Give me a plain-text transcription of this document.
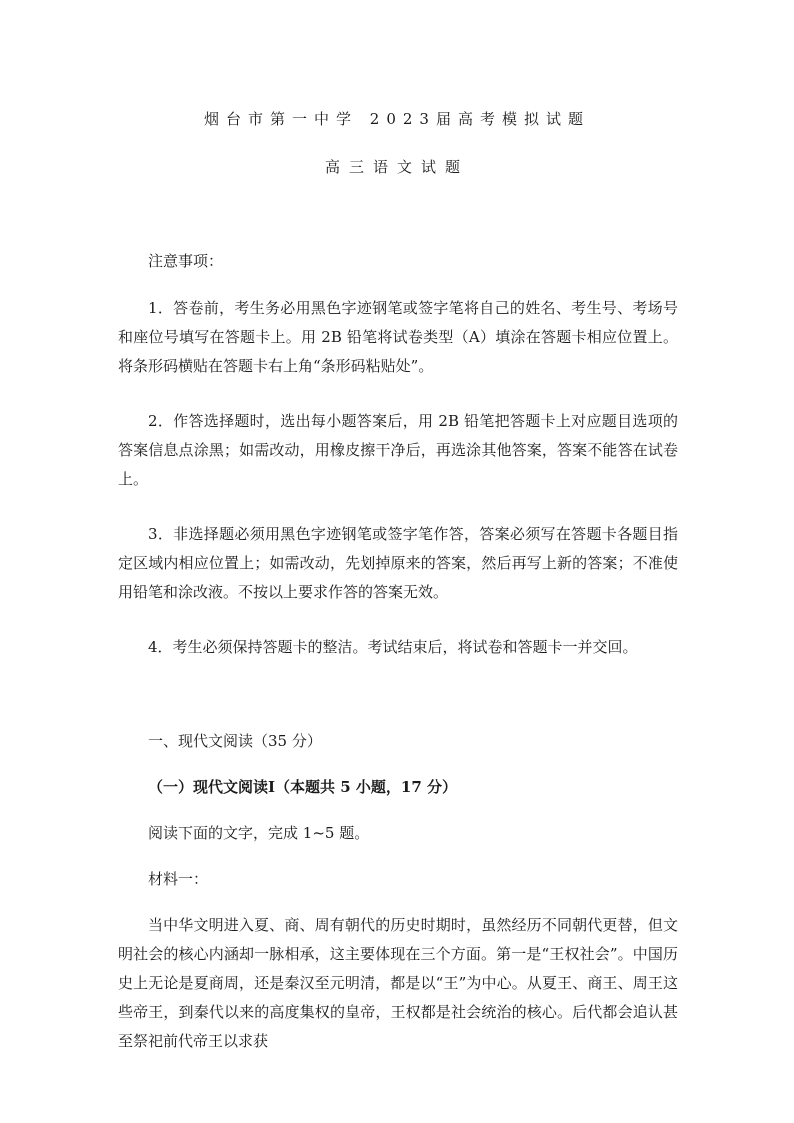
烟台市第一中学 2023届高考模拟试题
高三语文试题

注意事项：

1．答卷前，考生务必用黑色字迹钢笔或签字笔将自己的姓名、考生号、考场号和座位号填写在答题卡上。用 2B 铅笔将试卷类型（A）填涂在答题卡相应位置上。将条形码横贴在答题卡右上角“条形码粘贴处”。

2．作答选择题时，选出每小题答案后，用 2B 铅笔把答题卡上对应题目选项的答案信息点涂黑；如需改动，用橡皮擦干净后，再选涂其他答案，答案不能答在试卷上。

3．非选择题必须用黑色字迹钢笔或签字笔作答，答案必须写在答题卡各题目指定区域内相应位置上；如需改动，先划掉原来的答案，然后再写上新的答案；不准使用铅笔和涂改液。不按以上要求作答的答案无效。

4．考生必须保持答题卡的整洁。考试结束后，将试卷和答题卡一并交回。

一、现代文阅读（35 分）

（一）现代文阅读Ⅰ（本题共 5 小题，17 分）

阅读下面的文字，完成 1~5 题。

材料一：

当中华文明进入夏、商、周有朝代的历史时期时，虽然经历不同朝代更替，但文明社会的核心内涵却一脉相承，这主要体现在三个方面。第一是“王权社会”。中国历史上无论是夏商周，还是秦汉至元明清，都是以“王”为中心。从夏王、商王、周王这些帝王，到秦代以来的高度集权的皇帝，王权都是社会统治的核心。后代都会追认甚至祭祀前代帝王以求获
